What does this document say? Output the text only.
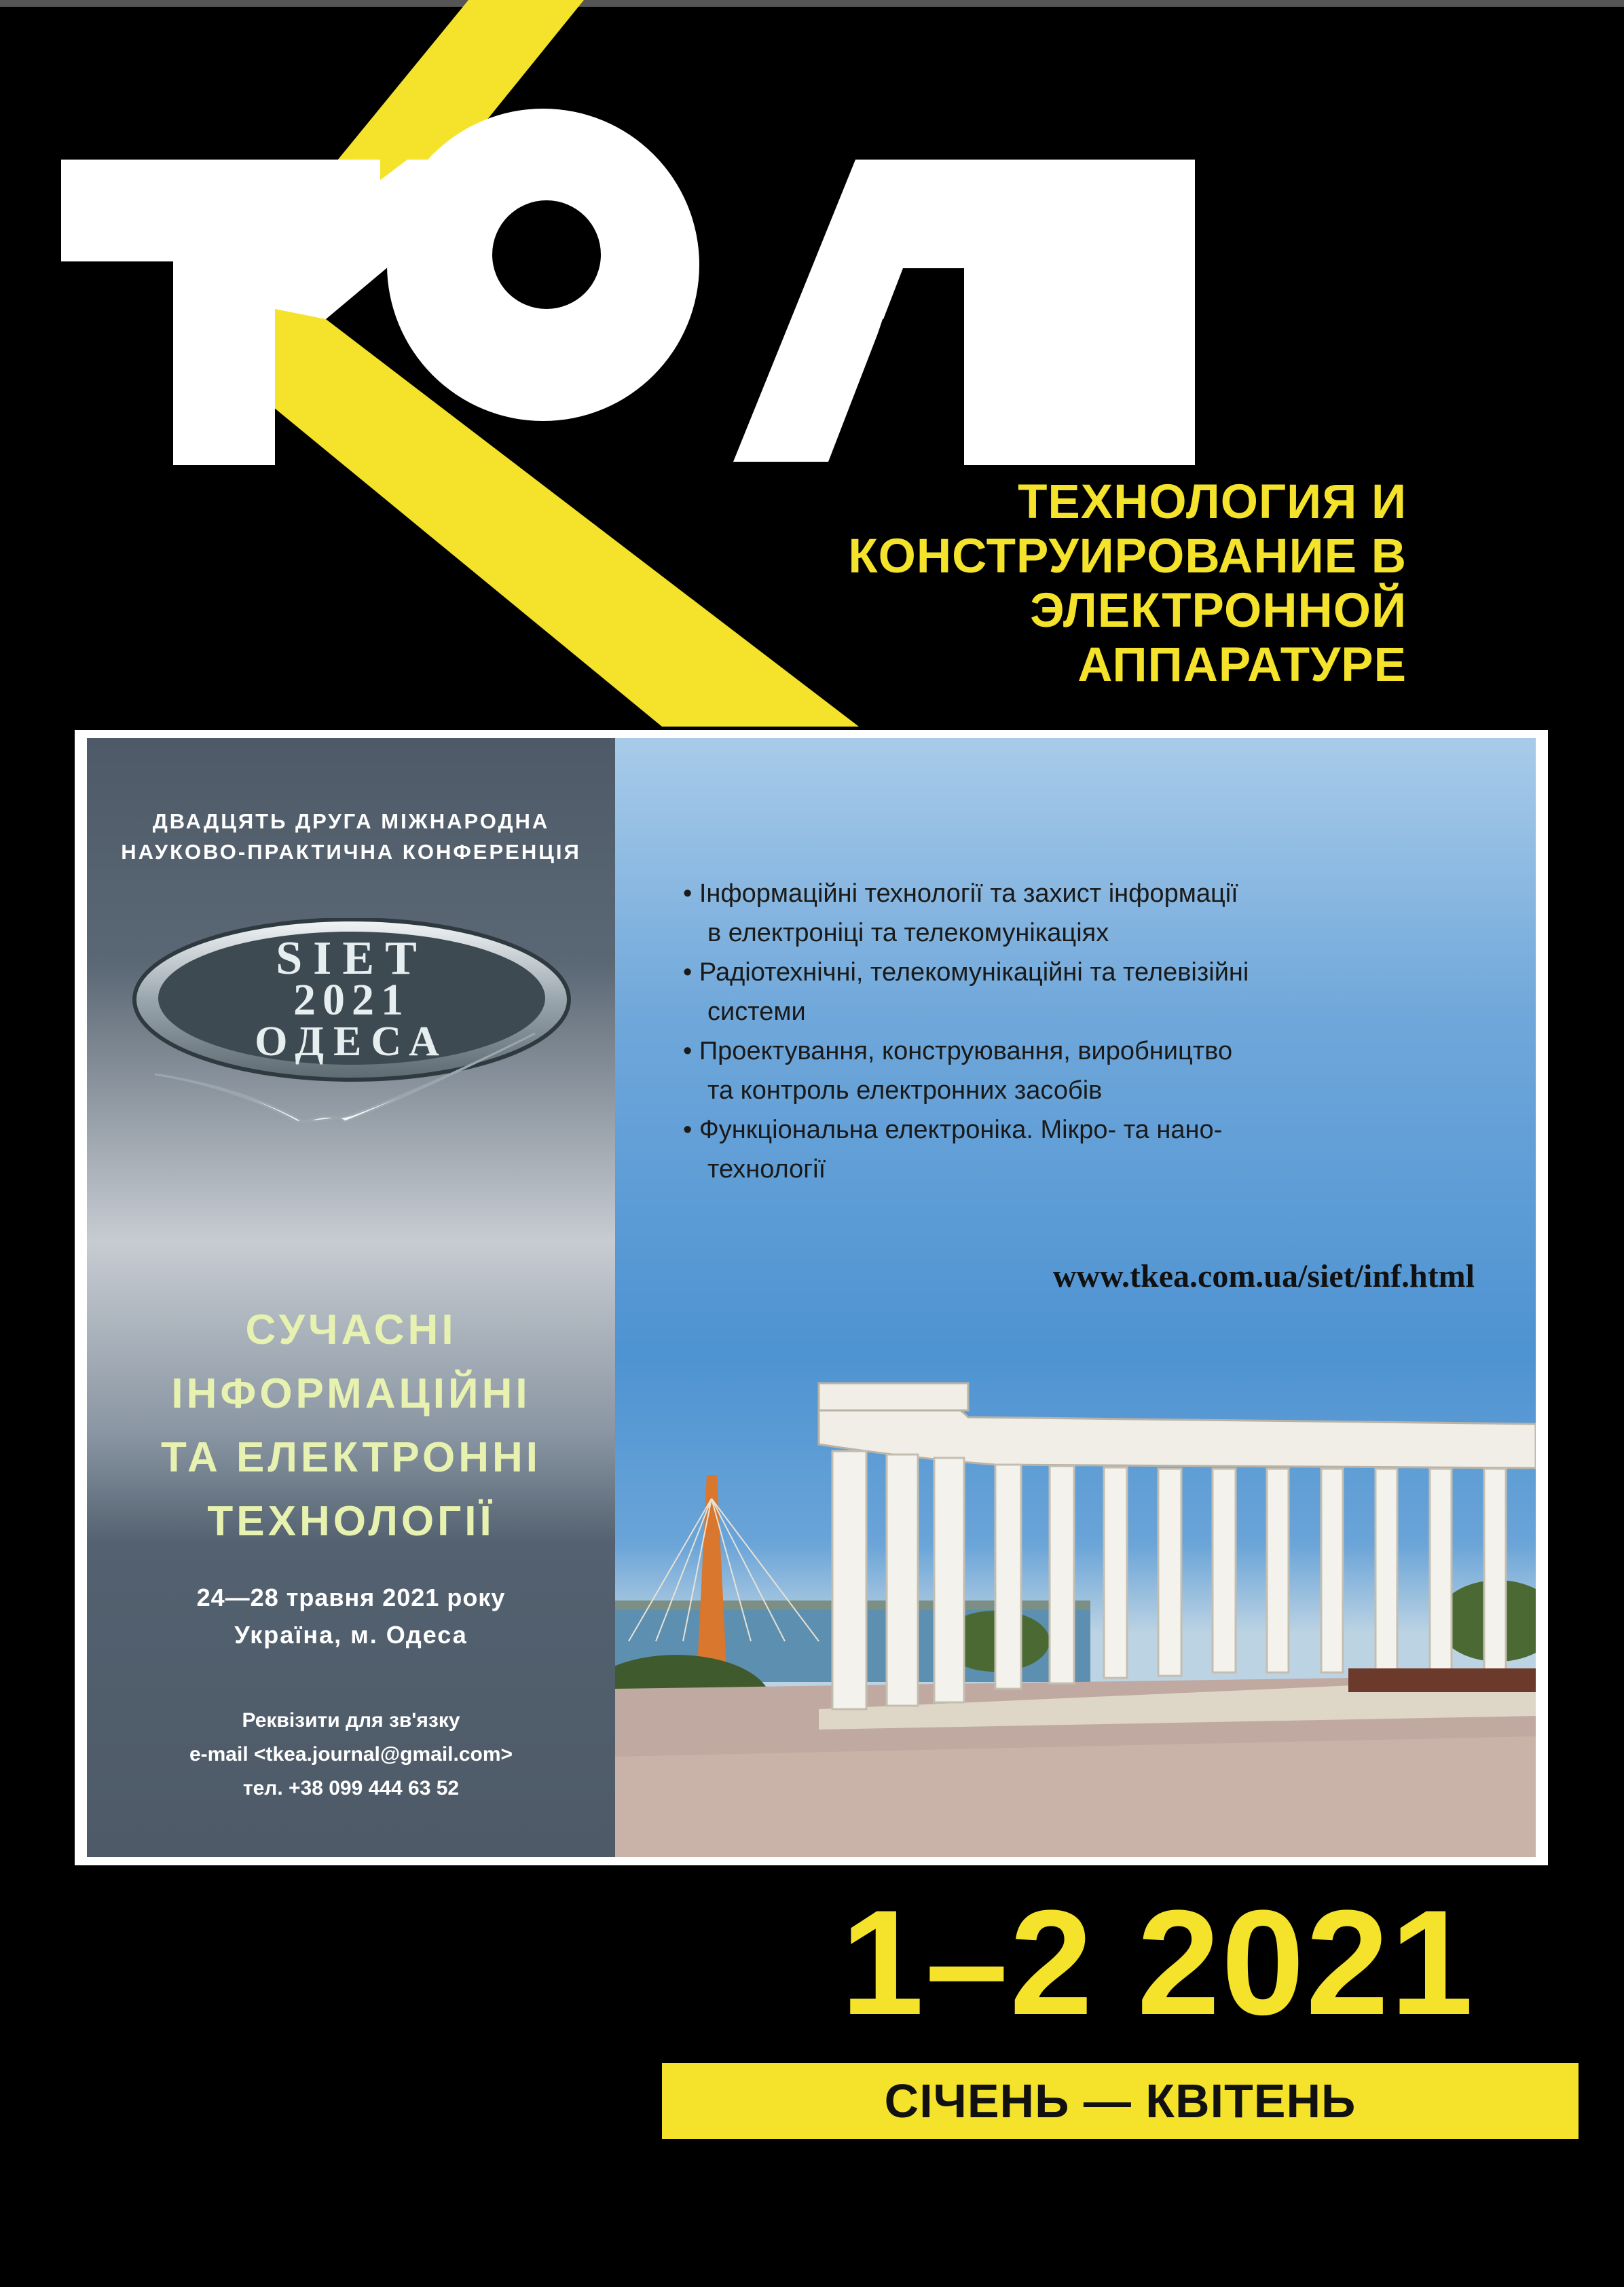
ТЕХНОЛОГИЯ И
КОНСТРУИРОВАНИЕ В
ЭЛЕКТРОННОЙ
АППАРАТУРЕ
ДВАДЦЯТЬ ДРУГА МІЖНАРОДНА
НАУКОВО-ПРАКТИЧНА КОНФЕРЕНЦІЯ
SIET
2021
ОДЕСА
СУЧАСНІ
ІНФОРМАЦІЙНІ
ТА ЕЛЕКТРОННІ
ТЕХНОЛОГІЇ
24—28 травня 2021 року
Україна, м. Одеса
Реквізити для зв'язку
e-mail <tkea.journal@gmail.com>
тел. +38 099 444 63 52
• Інформаційні технології та захист інформації
в електроніці та телекомунікаціях
• Радіотехнічні, телекомунікаційні та телевізійні
системи
• Проектування, конструювання, виробництво
та контроль електронних засобів
• Функціональна електроніка. Мікро- та нано-
технології
www.tkea.com.ua/siet/inf.html
1–2 2021
СІЧЕНЬ — КВІТЕНЬ
